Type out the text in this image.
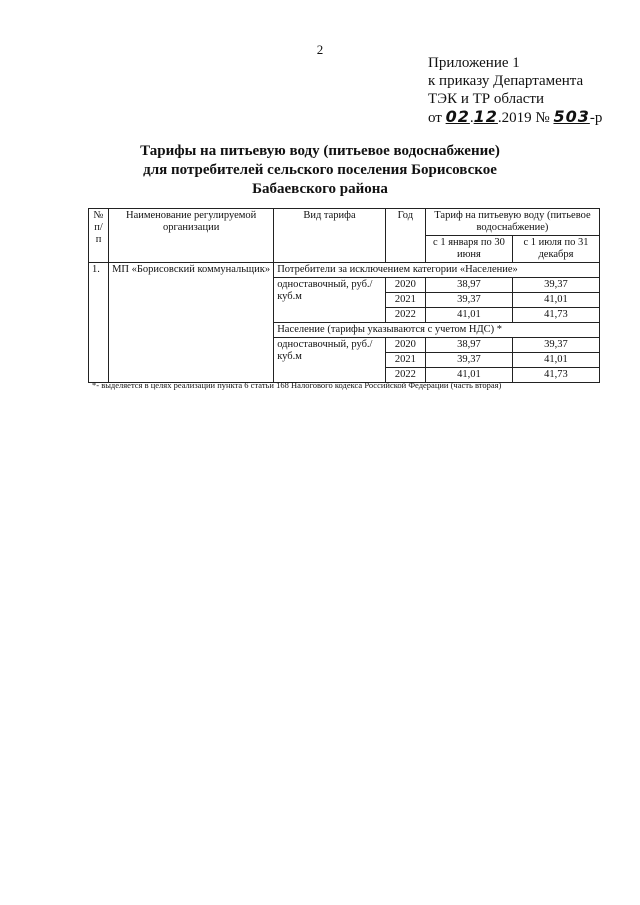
2
Приложение 1
к приказу Департамента
ТЭК и ТР области
от 02.12.2019 № 503-р
Тарифы на питьевую воду (питьевое водоснабжение)
для потребителей сельского поселения Борисовское
Бабаевского района
№ п/п	Наименование регулируемой организации	Вид тарифа	Год	Тариф на питьевую воду (питьевое водоснабжение)	
				с 1 января по 30 июня	с 1 июля по 31 декабря
1.	МП «Борисовский коммунальщик»	Потребители за исключением категории «Население»			
		одноставочный, руб./куб.м	2020	38,97	39,37
			2021	39,37	41,01
			2022	41,01	41,73
		Население (тарифы указываются с учетом НДС) *			
		одноставочный, руб./куб.м	2020	38,97	39,37
			2021	39,37	41,01
			2022	41,01	41,73
*- выделяется в целях реализации пункта 6 статьи 168 Налогового кодекса Российской Федерации (часть вторая)
